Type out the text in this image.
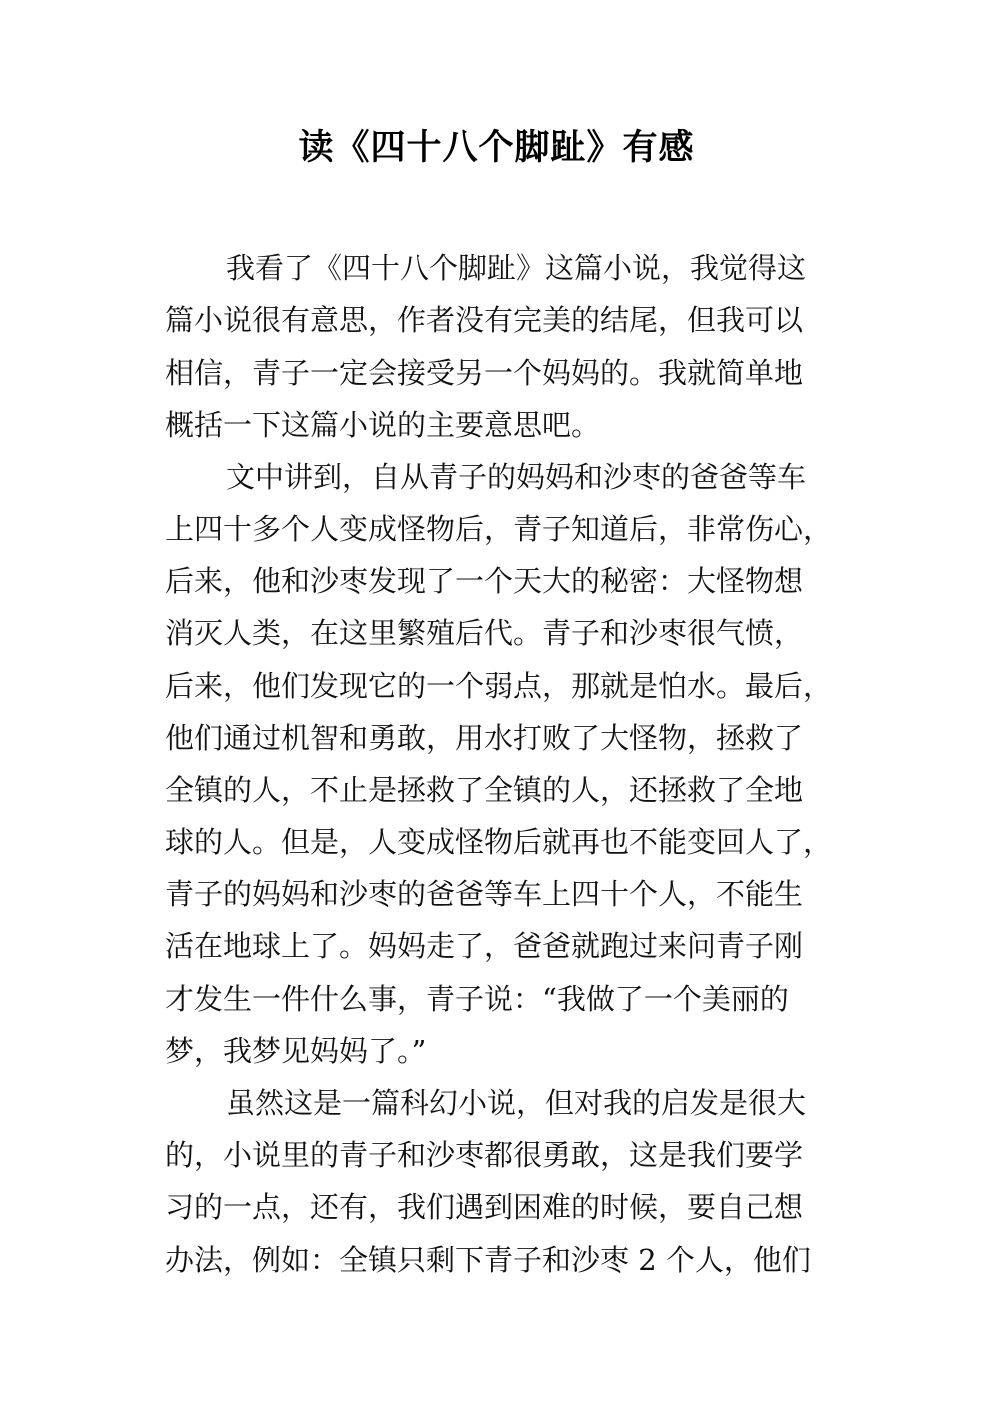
读《四十八个脚趾》有感
我看了《四十八个脚趾》这篇小说，我觉得这
篇小说很有意思，作者没有完美的结尾，但我可以
相信，青子一定会接受另一个妈妈的。我就简单地
概括一下这篇小说的主要意思吧。
文中讲到，自从青子的妈妈和沙枣的爸爸等车
上四十多个人变成怪物后，青子知道后，非常伤心，
后来，他和沙枣发现了一个天大的秘密：大怪物想
消灭人类，在这里繁殖后代。青子和沙枣很气愤，
后来，他们发现它的一个弱点，那就是怕水。最后，
他们通过机智和勇敢，用水打败了大怪物，拯救了
全镇的人，不止是拯救了全镇的人，还拯救了全地
球的人。但是，人变成怪物后就再也不能变回人了，
青子的妈妈和沙枣的爸爸等车上四十个人，不能生
活在地球上了。妈妈走了，爸爸就跑过来问青子刚
才发生一件什么事，青子说：“我做了一个美丽的
梦，我梦见妈妈了。”
虽然这是一篇科幻小说，但对我的启发是很大
的，小说里的青子和沙枣都很勇敢，这是我们要学
习的一点，还有，我们遇到困难的时候，要自己想
办法，例如：全镇只剩下青子和沙枣 2 个人，他们
